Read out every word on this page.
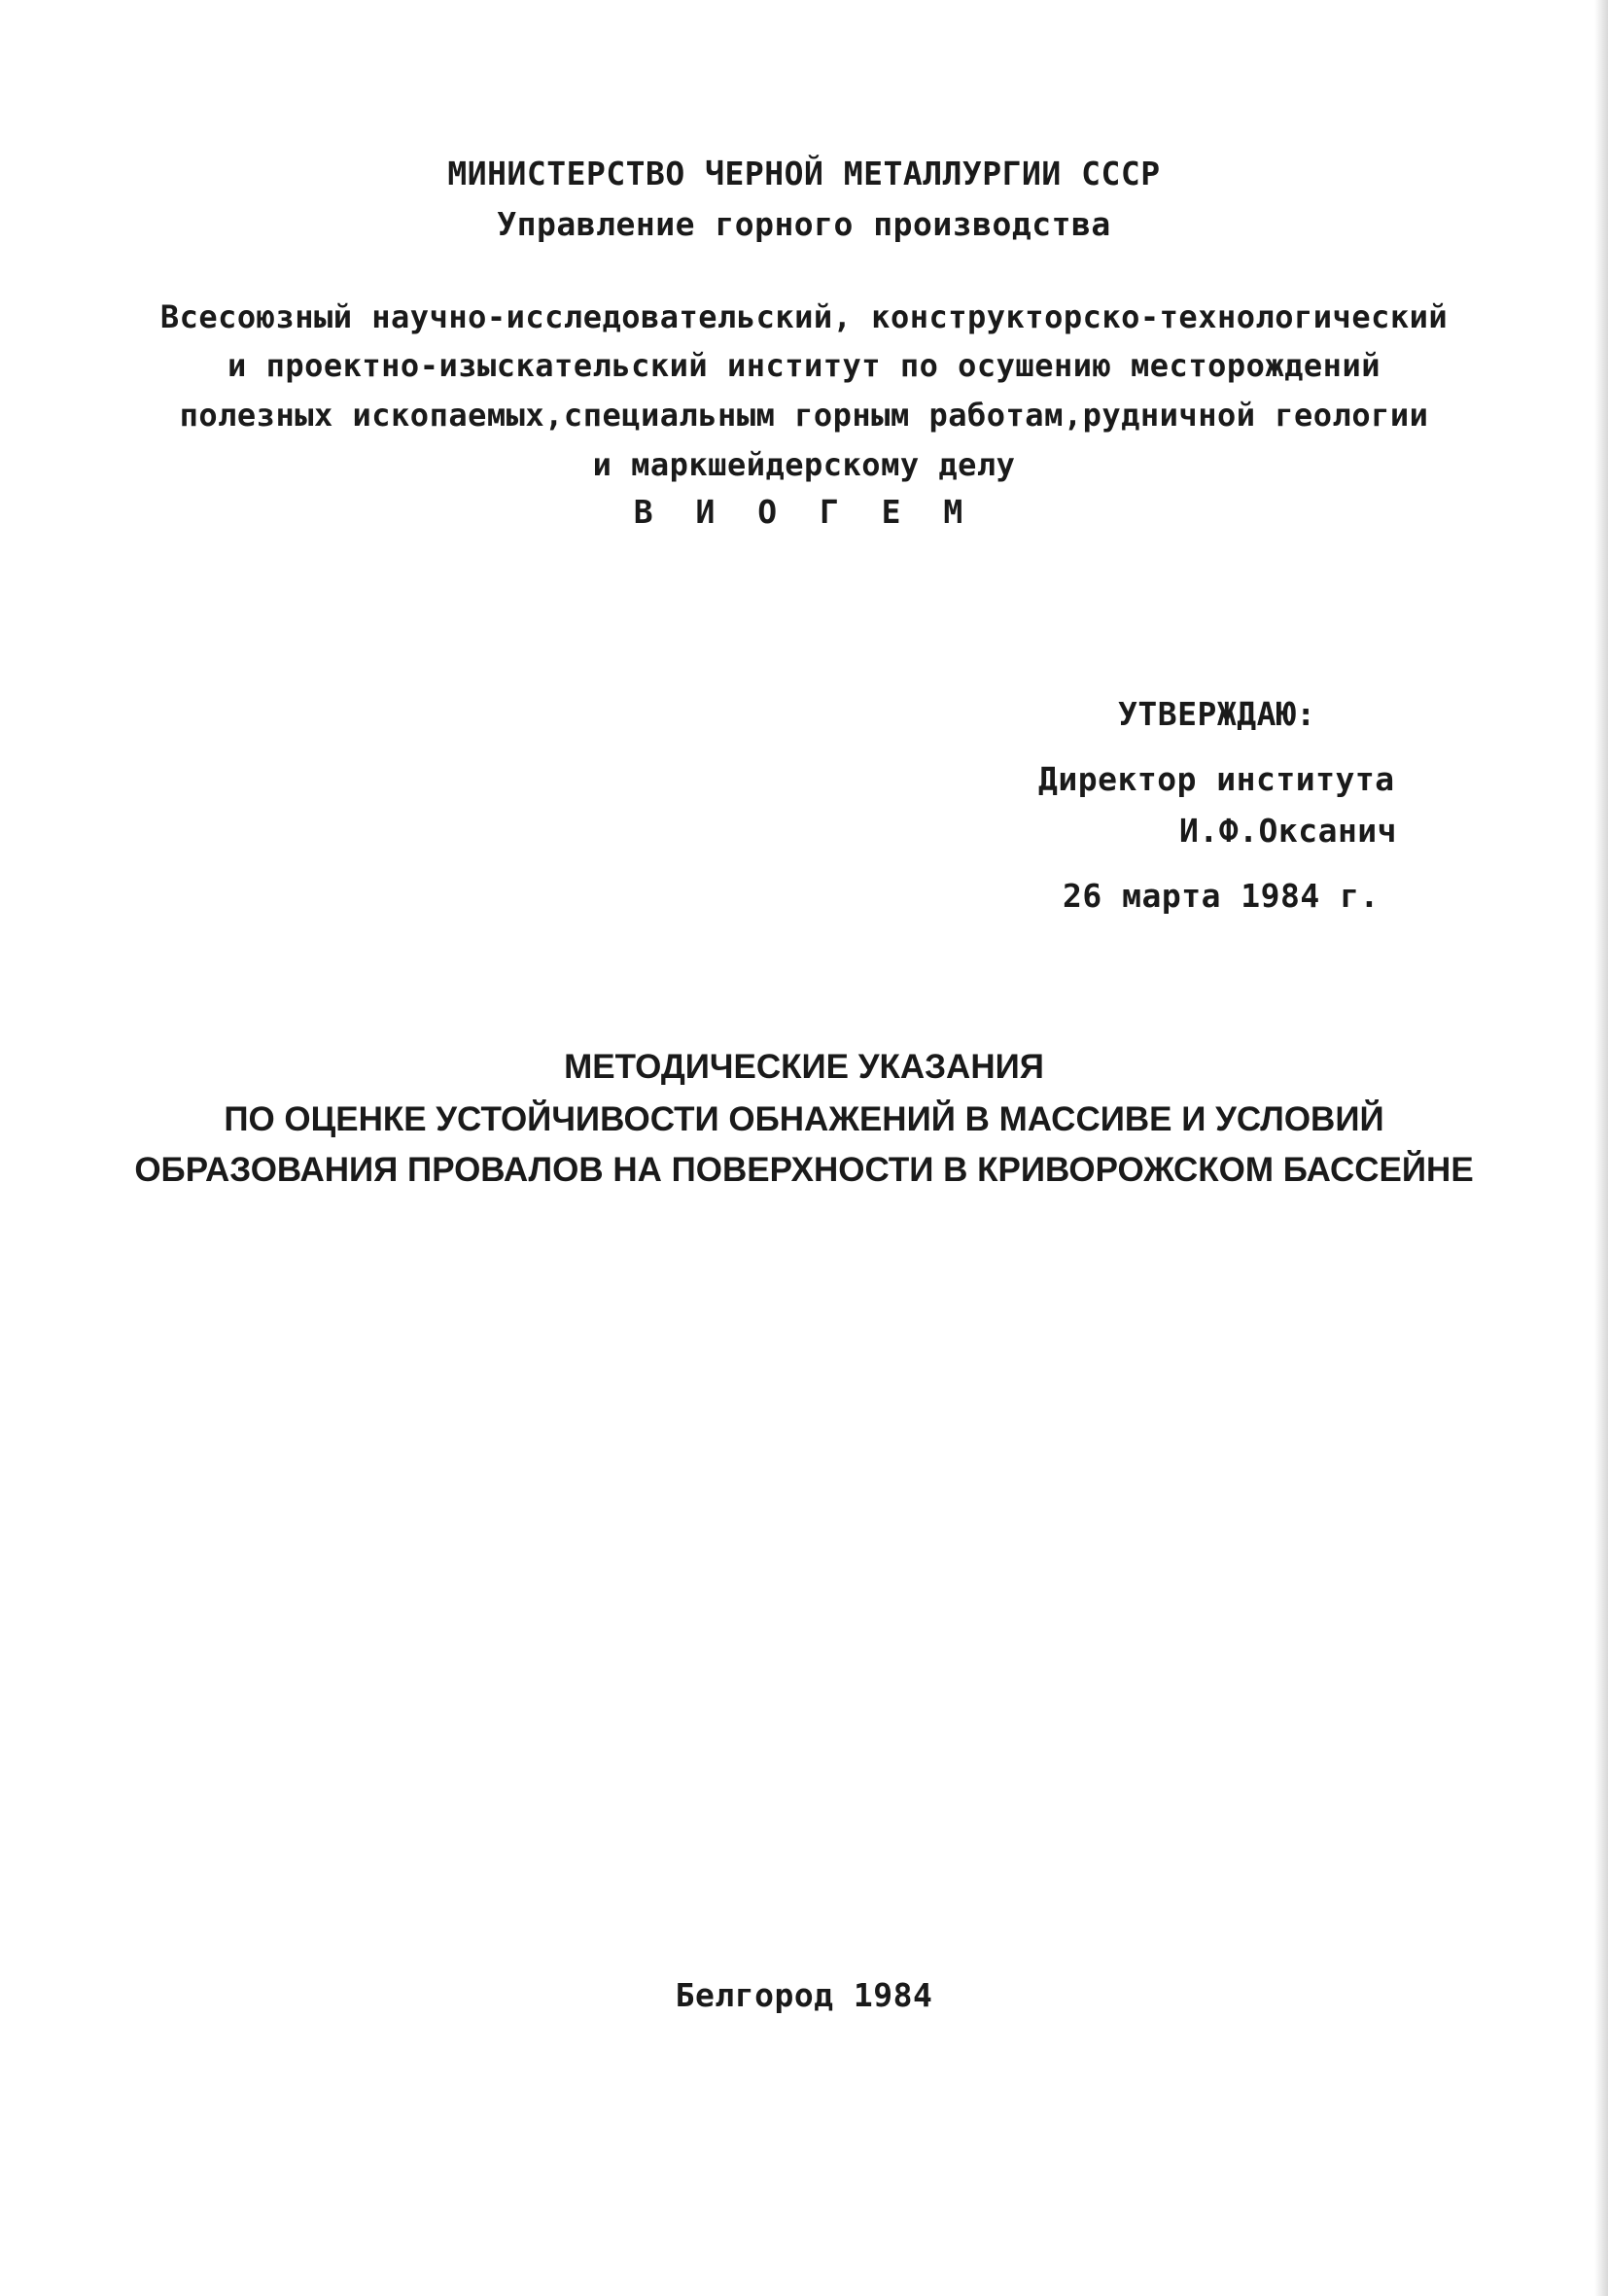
МИНИСТЕРСТВО ЧЕРНОЙ МЕТАЛЛУРГИИ СССР
Управление горного производства
Всесоюзный научно-исследовательский, конструкторско-технологический
и проектно-изыскательский институт по осушению месторождений
полезных ископаемых,специальным горным работам,рудничной геологии
и маркшейдерскому делу
В И О Г Е М
УТВЕРЖДАЮ:
Директор института
И.Ф.Оксанич
26 марта 1984 г.
МЕТОДИЧЕСКИЕ УКАЗАНИЯ
ПО ОЦЕНКЕ УСТОЙЧИВОСТИ ОБНАЖЕНИЙ В МАССИВЕ И УСЛОВИЙ
ОБРАЗОВАНИЯ ПРОВАЛОВ НА ПОВЕРХНОСТИ В КРИВОРОЖСКОМ БАССЕЙНЕ
Белгород 1984
